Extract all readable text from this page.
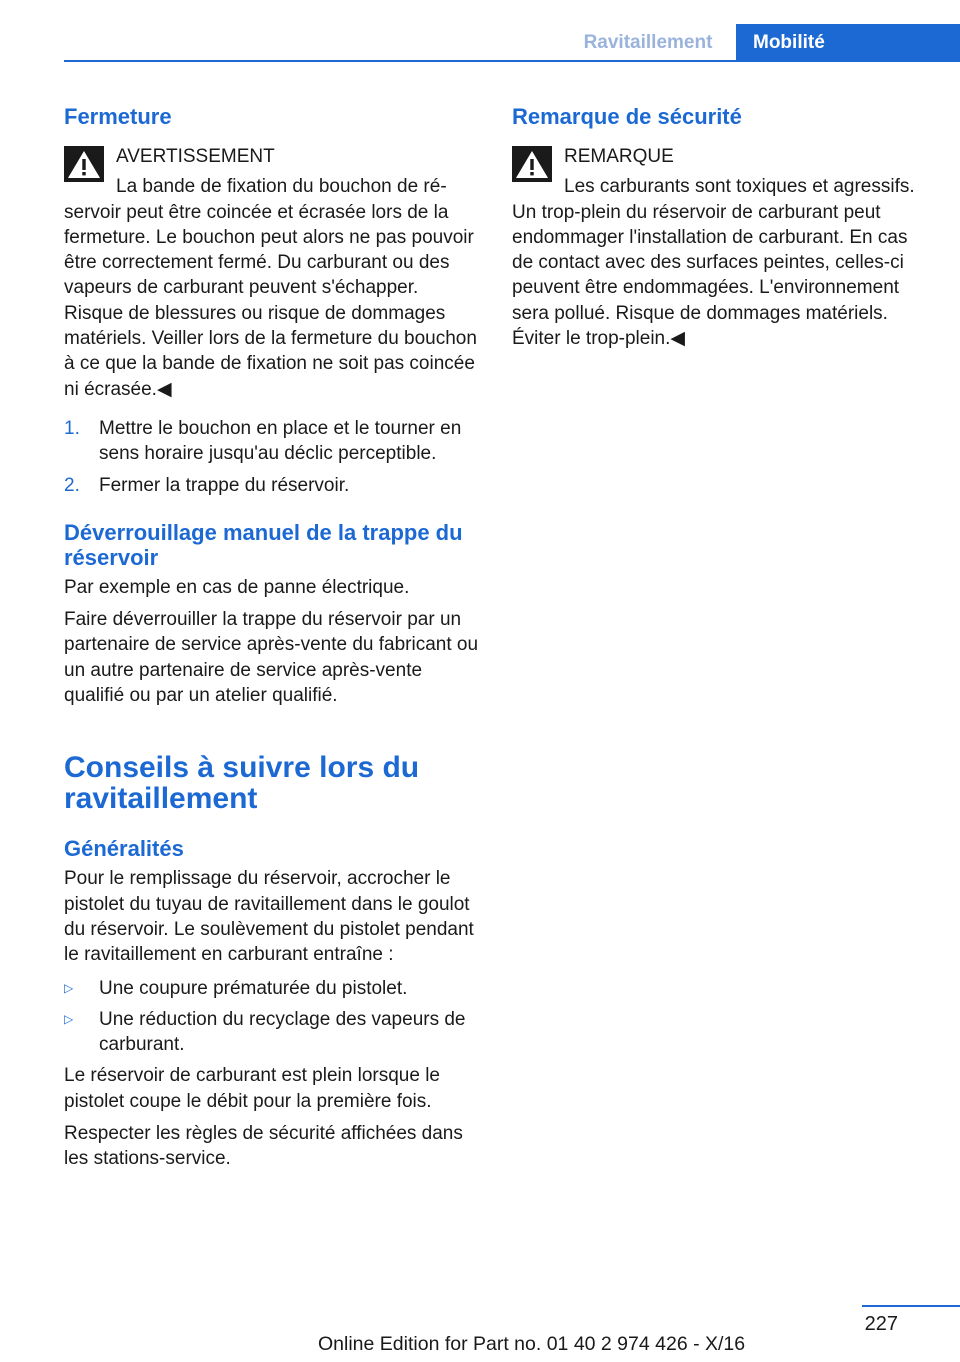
Ravitaillement Mobilité
Fermeture
AVERTISSEMENT

La bande de fixation du bouchon de réservoir peut être coincée et écrasée lors de la fermeture. Le bouchon peut alors ne pas pouvoir être correctement fermé. Du carburant ou des vapeurs de carburant peuvent s'échapper. Risque de blessures ou risque de dommages matériels. Veiller lors de la fermeture du bouchon à ce que la bande de fixation ne soit pas coincée ni écrasée.◀

1. Mettre le bouchon en place et le tourner en sens horaire jusqu'au déclic perceptible.
2. Fermer la trappe du réservoir.
Déverrouillage manuel de la trappe du réservoir

Par exemple en cas de panne électrique.

Faire déverrouiller la trappe du réservoir par un partenaire de service après-vente du fabricant ou un autre partenaire de service après-vente qualifié ou par un atelier qualifié.

Conseils à suivre lors du ravitaillement
Généralités

Pour le remplissage du réservoir, accrocher le pistolet du tuyau de ravitaillement dans le goulot du réservoir. Le soulèvement du pistolet pendant le ravitaillement en carburant entraîne :

▷ Une coupure prématurée du pistolet.
▷ Une réduction du recyclage des vapeurs de carburant.

Le réservoir de carburant est plein lorsque le pistolet coupe le débit pour la première fois.

Respecter les règles de sécurité affichées dans les stations-service.

Remarque de sécurité
REMARQUE

Les carburants sont toxiques et agressifs. Un trop-plein du réservoir de carburant peut endommager l'installation de carburant. En cas de contact avec des surfaces peintes, celles-ci peuvent être endommagées. L'environnement sera pollué. Risque de dommages matériels. Éviter le trop-plein.◀

227
Online Edition for Part no. 01 40 2 974 426 - X/16
